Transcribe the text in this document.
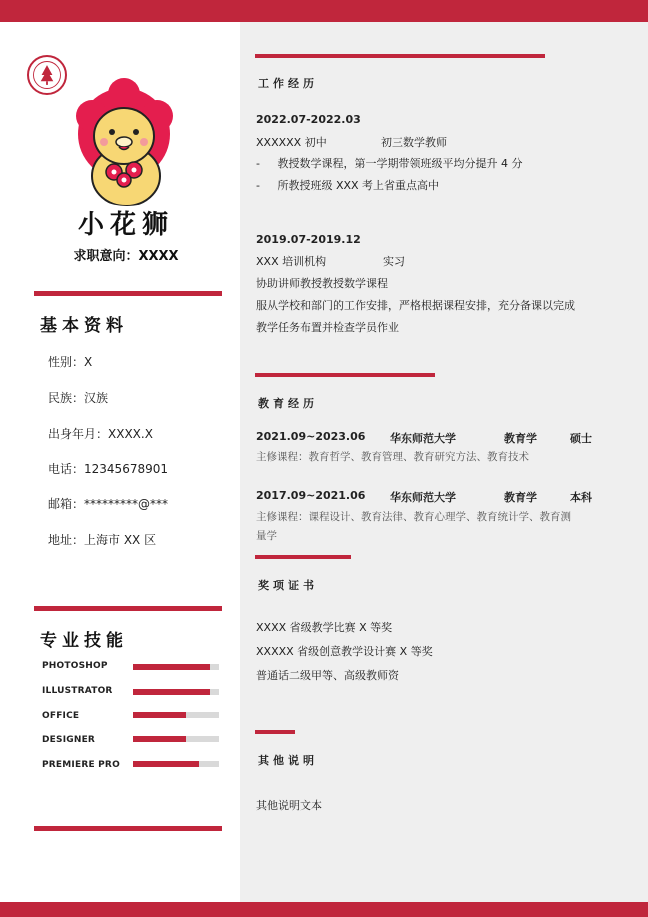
小花狮
求职意向：XXXX
基本资料
性别：X
民族：汉族
出身年月：XXXX.X
电话：12345678901
邮箱：*********@***
地址：上海市 XX 区
专业技能
PHOTOSHOP
ILLUSTRATOR
OFFICE
DESIGNER
PREMIERE PRO
工作经历
2022.07-2022.03
XXXXXX 初中	初三数学教师
-     教授数学课程，第一学期带领班级平均分提升 4 分
-     所教授班级 XXX 考上省重点高中
2019.07-2019.12
XXX 培训机构	实习
协助讲师教授教授数学课程
服从学校和部门的工作安排，严格根据课程安排，充分备课以完成
教学任务布置并检查学员作业
教育经历
2021.09~2023.06 华东师范大学	教育学	硕士
主修课程：教育哲学、教育管理、教育研究方法、教育技术
2017.09~2021.06 华东师范大学	教育学	本科
主修课程：课程设计、教育法律、教育心理学、教育统计学、教育测
量学
奖项证书
XXXX 省级教学比赛 X 等奖
XXXXX 省级创意教学设计赛 X 等奖
普通话二级甲等、高级教师资
其他说明
其他说明文本
